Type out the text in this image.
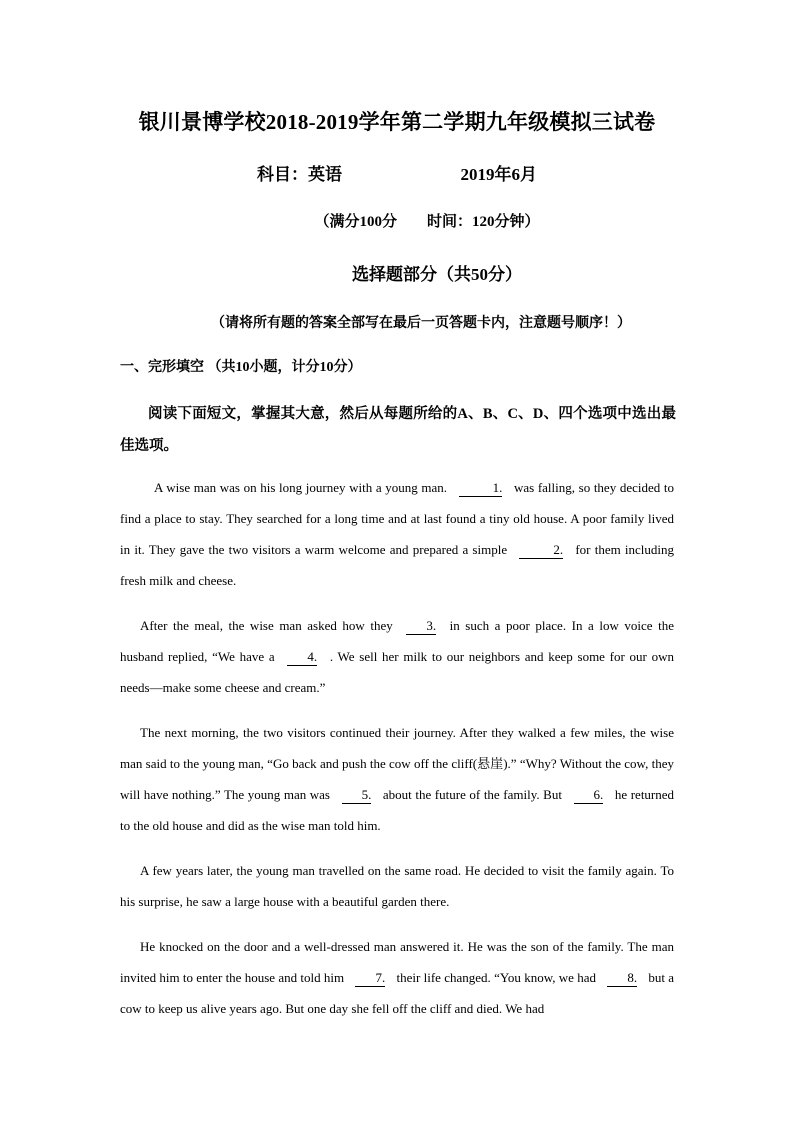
银川景博学校2018-2019学年第二学期九年级模拟三试卷
科目：英语	2019年6月
（满分100分　　时间：120分钟）
选择题部分（共50分）
（请将所有题的答案全部写在最后一页答题卡内，注意题号顺序！）
一、完形填空 （共10小题，计分10分）
阅读下面短文，掌握其大意，然后从每题所给的A、B、C、D、四个选项中选出最佳选项。
A wise man was on his long journey with a young man.	1. was falling, so they decided to find a place to stay. They searched for a long time and at last found a tiny old house. A poor family lived in it. They gave the two visitors a warm welcome and prepared a simple	2. for them including fresh milk and cheese.
After the meal, the wise man asked how they	3. in such a poor place. In a low voice the husband replied, “We have a	4. . We sell her milk to our neighbors and keep some for our own needs—make some cheese and cream.”
The next morning, the two visitors continued their journey. After they walked a few miles, the wise man said to the young man, “Go back and push the cow off the cliff(悬崖).” “Why? Without the cow, they will have nothing.” The young man was 5. about the future of the family. But 6. he returned to the old house and did as the wise man told him.
A few years later, the young man travelled on the same road. He decided to visit the family again. To his surprise, he saw a large house with a beautiful garden there.
He knocked on the door and a well-dressed man answered it. He was the son of the family. The man invited him to enter the house and told him 7. their life changed. “You know, we had 8. but a cow to keep us alive years ago. But one day she fell off the cliff and died. We had
